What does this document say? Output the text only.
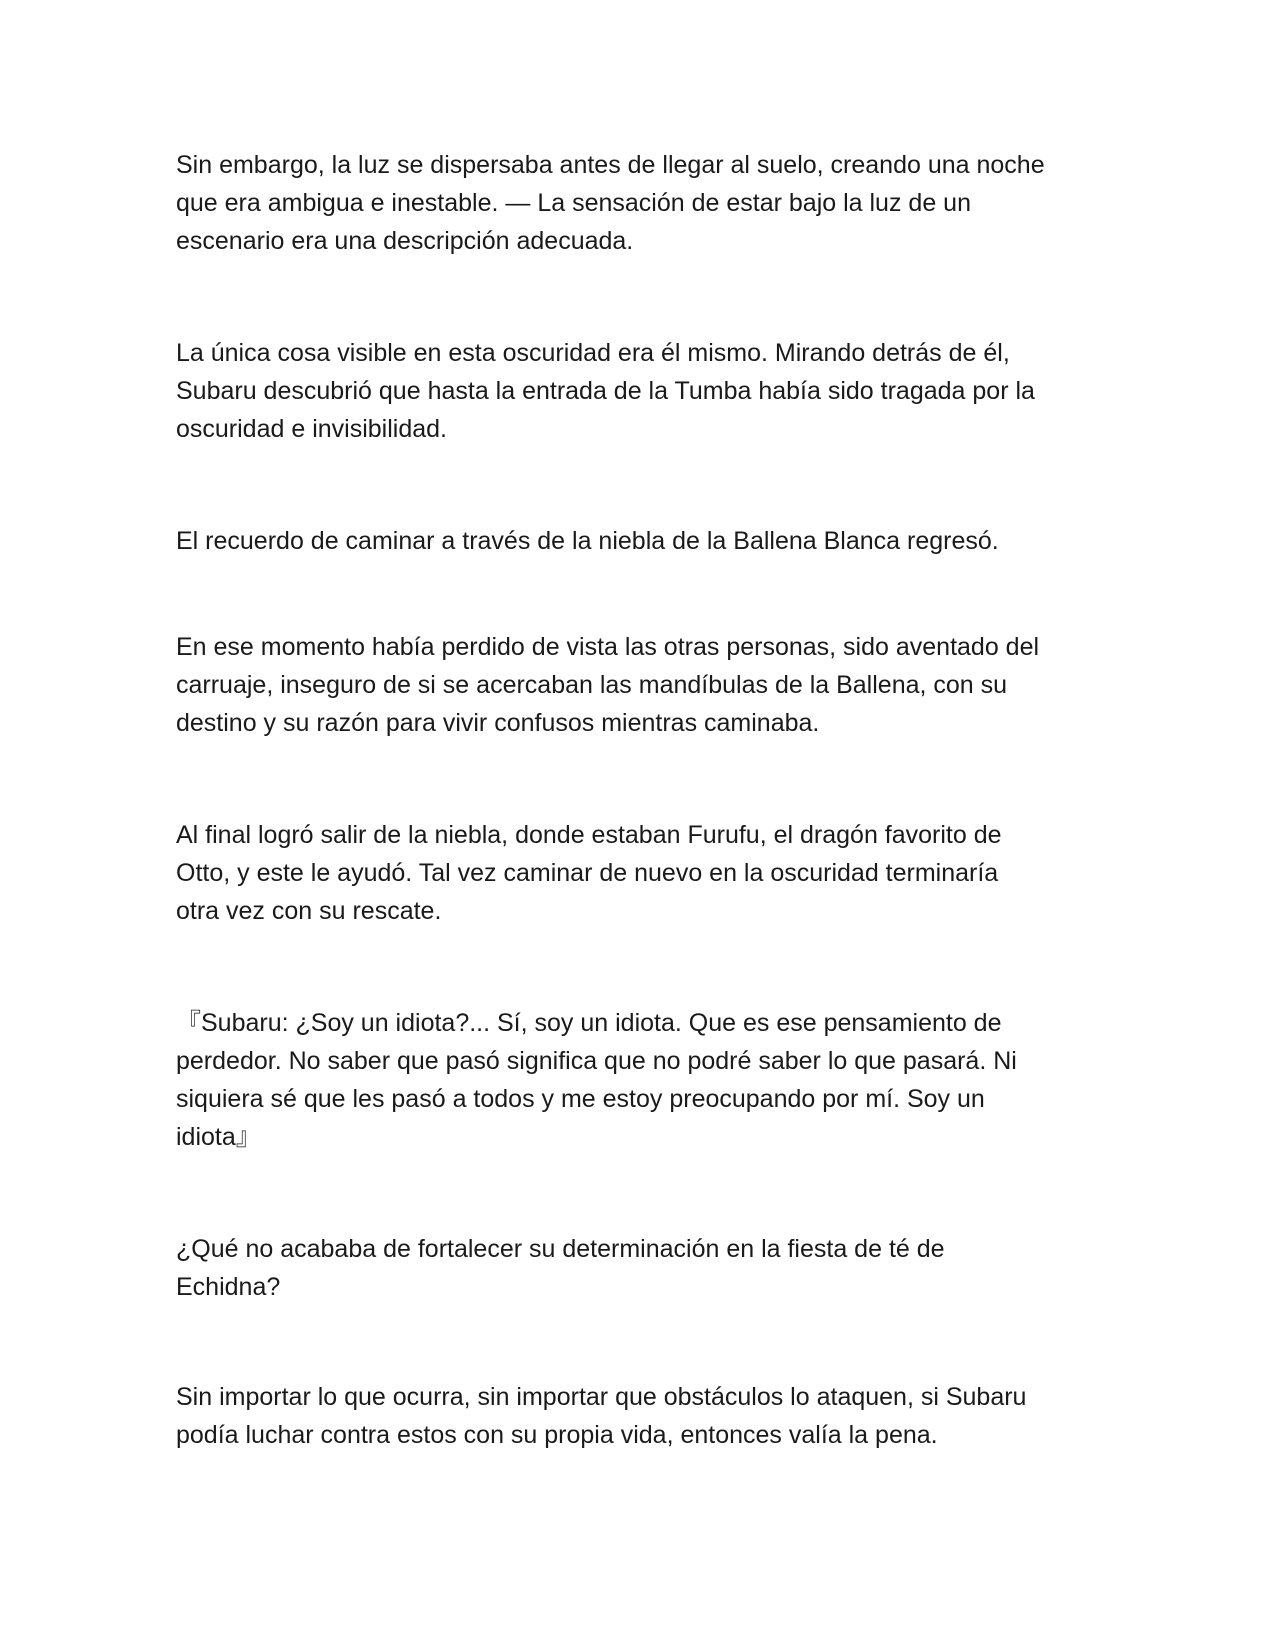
Sin embargo, la luz se dispersaba antes de llegar al suelo, creando una noche
que era ambigua e inestable. — La sensación de estar bajo la luz de un
escenario era una descripción adecuada.

La única cosa visible en esta oscuridad era él mismo. Mirando detrás de él,
Subaru descubrió que hasta la entrada de la Tumba había sido tragada por la
oscuridad e invisibilidad.

El recuerdo de caminar a través de la niebla de la Ballena Blanca regresó.

En ese momento había perdido de vista las otras personas, sido aventado del
carruaje, inseguro de si se acercaban las mandíbulas de la Ballena, con su
destino y su razón para vivir confusos mientras caminaba.

Al final logró salir de la niebla, donde estaban Furufu, el dragón favorito de
Otto, y este le ayudó. Tal vez caminar de nuevo en la oscuridad terminaría
otra vez con su rescate.

『Subaru: ¿Soy un idiota?... Sí, soy un idiota. Que es ese pensamiento de
perdedor. No saber que pasó significa que no podré saber lo que pasará. Ni
siquiera sé que les pasó a todos y me estoy preocupando por mí. Soy un
idiota』

¿Qué no acababa de fortalecer su determinación en la fiesta de té de
Echidna?

Sin importar lo que ocurra, sin importar que obstáculos lo ataquen, si Subaru
podía luchar contra estos con su propia vida, entonces valía la pena.
